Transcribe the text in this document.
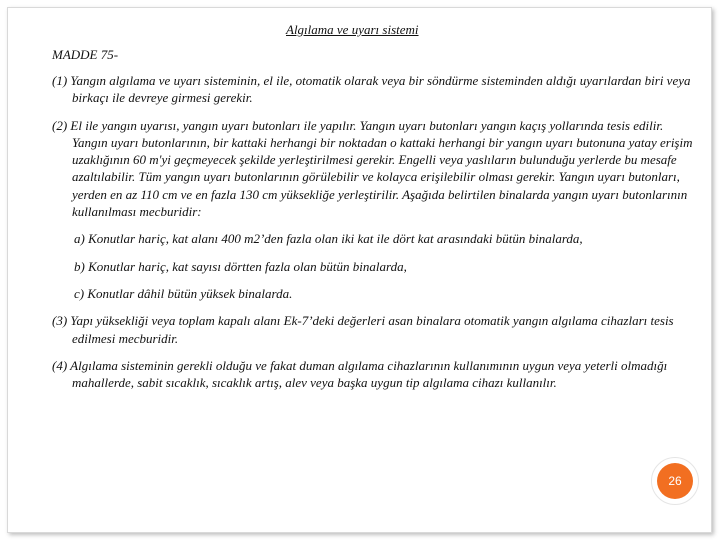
Algılama ve uyarı sistemi
MADDE 75-

(1) Yangın algılama ve uyarı sisteminin, el ile, otomatik olarak veya bir söndürme sisteminden aldığı uyarılardan biri veya birkaçı ile devreye girmesi gerekir.

(2) El ile yangın uyarısı, yangın uyarı butonları ile yapılır. Yangın uyarı butonları yangın kaçış yollarında tesis edilir. Yangın uyarı butonlarının, bir kattaki herhangi bir noktadan o kattaki herhangi bir yangın uyarı butonuna yatay erişim uzaklığının 60 m'yi geçmeyecek şekilde yerleştirilmesi gerekir. Engelli veya yaslıların bulunduğu yerlerde bu mesafe azaltılabilir. Tüm yangın uyarı butonlarının görülebilir ve kolayca erişilebilir olması gerekir. Yangın uyarı butonları, yerden en az 110 cm ve en fazla 130 cm yüksekliğe yerleştirilir. Aşağıda belirtilen binalarda yangın uyarı butonlarının kullanılması mecburidir:

a) Konutlar hariç, kat alanı 400 m2’den fazla olan iki kat ile dört kat arasındaki bütün binalarda,

b) Konutlar hariç, kat sayısı dörtten fazla olan bütün binalarda,

c) Konutlar dâhil bütün yüksek binalarda.

(3) Yapı yüksekliği veya toplam kapalı alanı Ek-7’deki değerleri asan binalara otomatik yangın algılama cihazları tesis edilmesi mecburidir.

(4) Algılama sisteminin gerekli olduğu ve fakat duman algılama cihazlarının kullanımının uygun veya yeterli olmadığı mahallerde, sabit sıcaklık, sıcaklık artış, alev veya başka uygun tip algılama cihazı kullanılır.

26
